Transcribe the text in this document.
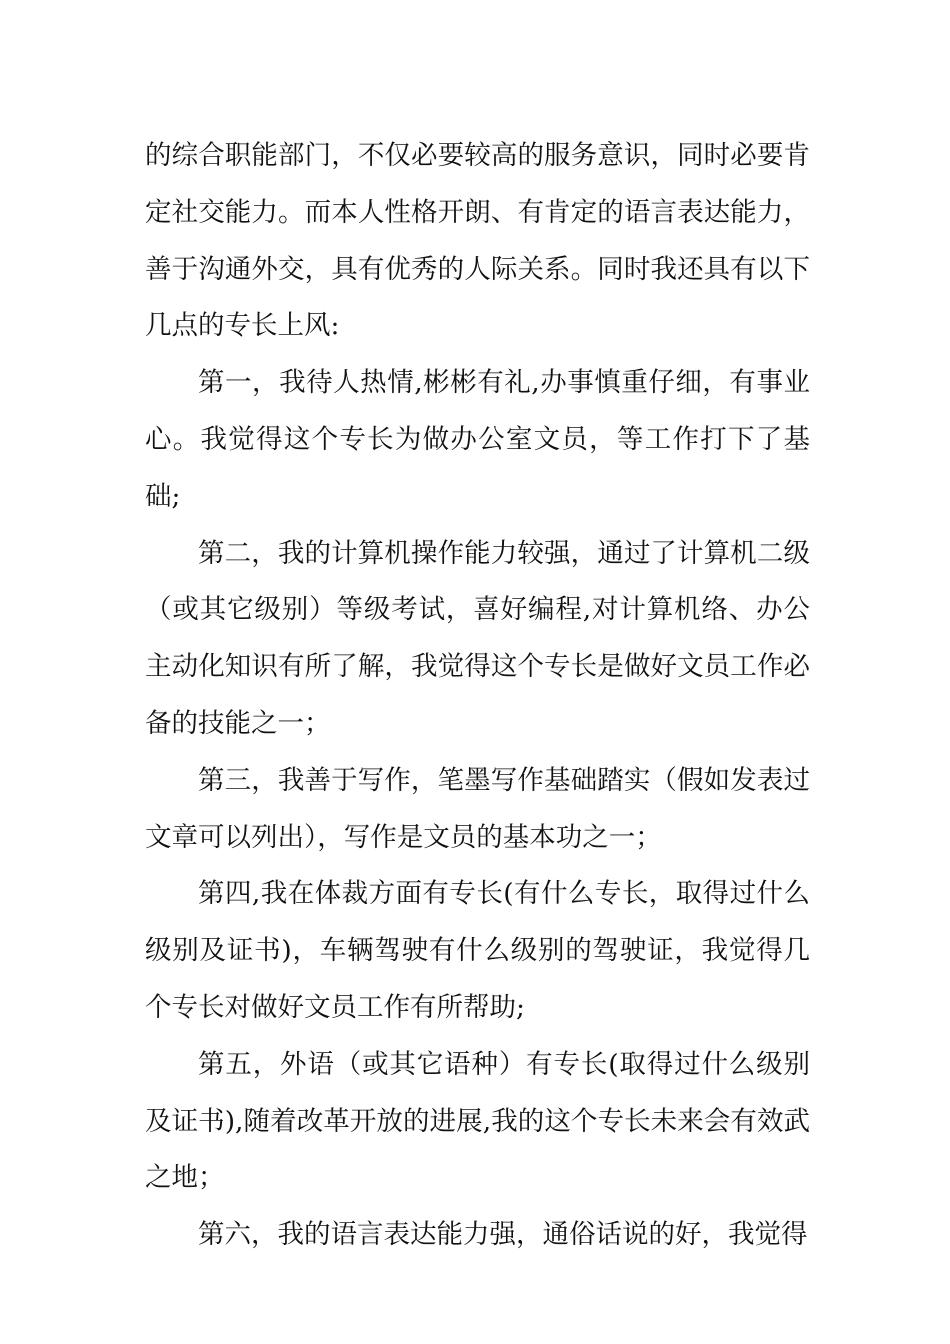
的综合职能部门，不仅必要较高的服务意识，同时必要肯定社交能力。而本人性格开朗、有肯定的语言表达能力，善于沟通外交，具有优秀的人际关系。同时我还具有以下几点的专长上风:

第一，我待人热情,彬彬有礼,办事慎重仔细，有事业心。我觉得这个专长为做办公室文员，等工作打下了基础;

第二，我的计算机操作能力较强，通过了计算机二级（或其它级别）等级考试，喜好编程,对计算机络、办公主动化知识有所了解，我觉得这个专长是做好文员工作必备的技能之一；

第三，我善于写作，笔墨写作基础踏实（假如发表过文章可以列出），写作是文员的基本功之一；

第四,我在体裁方面有专长(有什么专长，取得过什么级别及证书)，车辆驾驶有什么级别的驾驶证，我觉得几个专长对做好文员工作有所帮助;

第五，外语（或其它语种）有专长(取得过什么级别及证书),随着改革开放的进展,我的这个专长未来会有效武之地；

第六，我的语言表达能力强，通俗话说的好，我觉得
